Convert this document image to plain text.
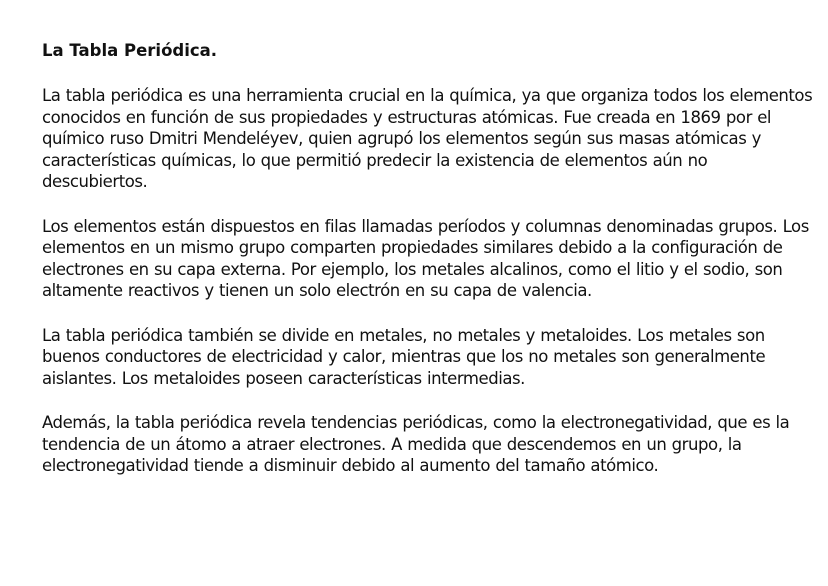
La Tabla Periódica.

La tabla periódica es una herramienta crucial en la química, ya que organiza todos los elementos conocidos en función de sus propiedades y estructuras atómicas. Fue creada en 1869 por el químico ruso Dmitri Mendeléyev, quien agrupó los elementos según sus masas atómicas y características químicas, lo que permitió predecir la existencia de elementos aún no descubiertos.

Los elementos están dispuestos en filas llamadas períodos y columnas denominadas grupos. Los elementos en un mismo grupo comparten propiedades similares debido a la configuración de electrones en su capa externa. Por ejemplo, los metales alcalinos, como el litio y el sodio, son altamente reactivos y tienen un solo electrón en su capa de valencia.

La tabla periódica también se divide en metales, no metales y metaloides. Los metales son buenos conductores de electricidad y calor, mientras que los no metales son generalmente aislantes. Los metaloides poseen características intermedias.

Además, la tabla periódica revela tendencias periódicas, como la electronegatividad, que es la tendencia de un átomo a atraer electrones. A medida que descendemos en un grupo, la electronegatividad tiende a disminuir debido al aumento del tamaño atómico.
